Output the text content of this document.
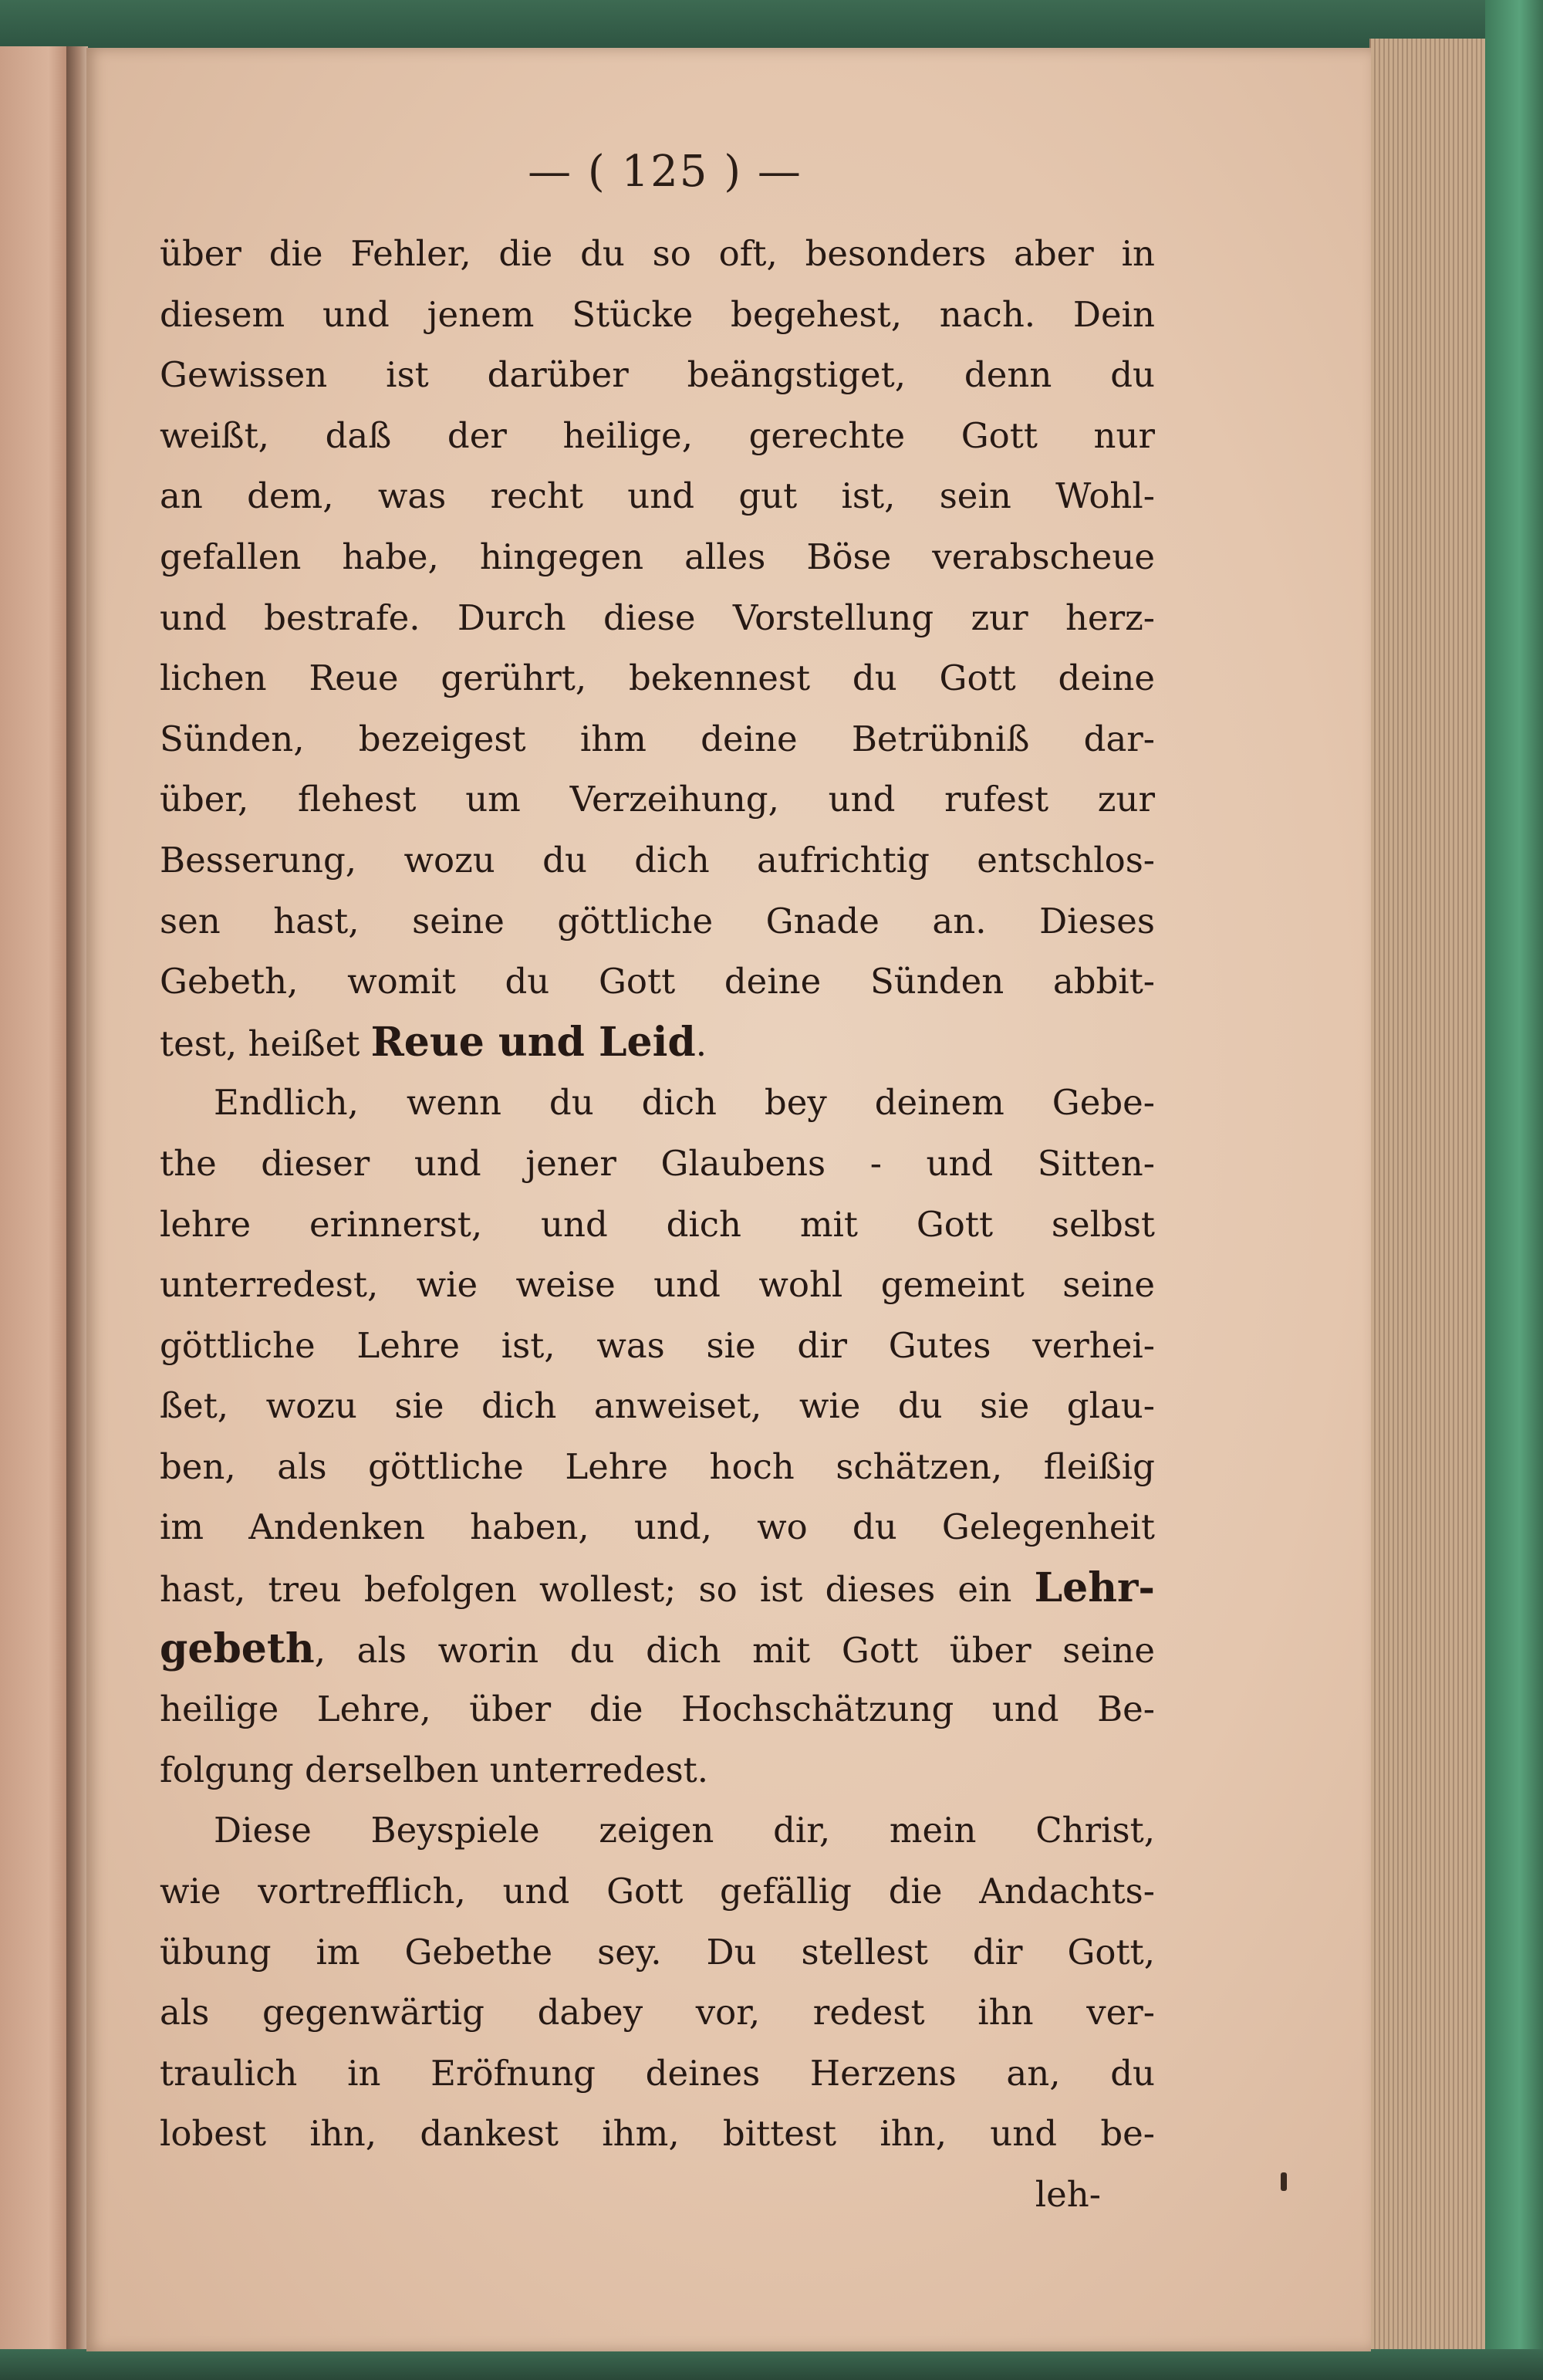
— ( 125 ) —
über die Fehler, die du so oft, besonders aber in
diesem und jenem Stücke begehest, nach. Dein
Gewissen ist darüber beängstiget, denn du
weißt, daß der heilige, gerechte Gott nur
an dem, was recht und gut ist, sein Wohl-
gefallen habe, hingegen alles Böse verabscheue
und bestrafe. Durch diese Vorstellung zur herz-
lichen Reue gerührt, bekennest du Gott deine
Sünden, bezeigest ihm deine Betrübniß dar-
über, flehest um Verzeihung, und rufest zur
Besserung, wozu du dich aufrichtig entschlos-
sen hast, seine göttliche Gnade an. Dieses
Gebeth, womit du Gott deine Sünden abbit-
test, heißet Reue und Leid.
Endlich, wenn du dich bey deinem Gebe-
the dieser und jener Glaubens - und Sitten-
lehre erinnerst, und dich mit Gott selbst
unterredest, wie weise und wohl gemeint seine
göttliche Lehre ist, was sie dir Gutes verhei-
ßet, wozu sie dich anweiset, wie du sie glau-
ben, als göttliche Lehre hoch schätzen, fleißig
im Andenken haben, und, wo du Gelegenheit
hast, treu befolgen wollest; so ist dieses ein Lehr-
gebeth, als worin du dich mit Gott über seine
heilige Lehre, über die Hochschätzung und Be-
folgung derselben unterredest.
Diese Beyspiele zeigen dir, mein Christ,
wie vortrefflich, und Gott gefällig die Andachts-
übung im Gebethe sey. Du stellest dir Gott,
als gegenwärtig dabey vor, redest ihn ver-
traulich in Eröfnung deines Herzens an, du
lobest ihn, dankest ihm, bittest ihn, und be-
leh-
